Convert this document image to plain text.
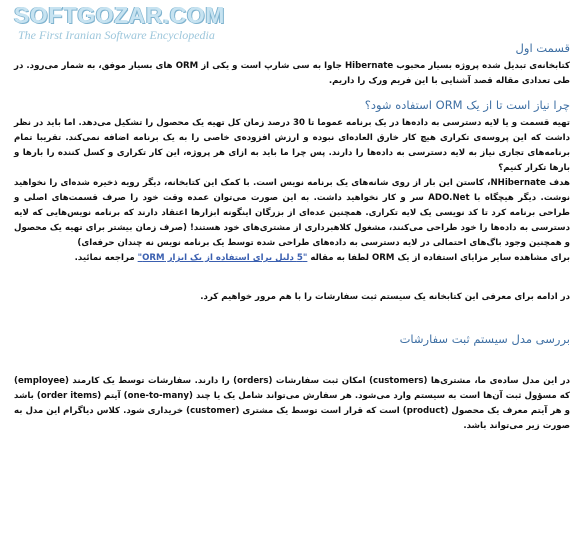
SOFTGOZAR.COM
The First Iranian Software Encyclopedia
قسمت اول

کتابخانه‌ی تبدیل شده پروژه بسیار محبوب Hibernate جاوا به سی شارپ است و یکی از ORM های بسیار موفق، به شمار می‌رود. در طی تعدادی مقاله قصد آشنایی با این فریم ورک را داریم.

چرا نیاز است تا از یک ORM استفاده شود؟

تهیه قسمت و یا لایه دسترسی به داده‌ها در یک برنامه عموما تا 30 درصد زمان کل تهیه یک محصول را تشکیل می‌دهد. اما باید در نظر داشت که این پروسه‌ی تکراری هیچ کار خارق العاده‌ای نبوده و ارزش افزوده‌ی خاصی را به یک برنامه اضافه نمی‌کند. تقریبا تمام برنامه‌های تجاری نیاز به لایه دسترسی به داده‌ها را دارند. پس چرا ما باید به ازای هر پروژه، این کار تکراری و کسل کننده را بارها و بارها تکرار کنیم؟

هدف NHibernate، کاستن این بار از روی شانه‌های یک برنامه نویس است. با کمک این کتابخانه، دیگر رویه ذخیره شده‌ای را نخواهید نوشت. دیگر هیچگاه با ADO.Net سر و کار نخواهید داشت. به این صورت می‌توان عمده وقت خود را صرف قسمت‌های اصلی و طراحی برنامه کرد تا کد نویسی یک لایه تکراری. همچنین عده‌ای از بزرگان اینگونه ابزارها اعتقاد دارند که برنامه نویس‌هایی که لایه دسترسی به داده‌ها را خود طراحی می‌کنند، مشغول کلاهبرداری از مشتری‌های خود هستند! (صرف زمان بیشتر برای تهیه یک محصول و همچنین وجود باگ‌های احتمالی در لایه دسترسی به داده‌های طراحی شده توسط یک برنامه نویس نه چندان حرفه‌ای)

برای مشاهده سایر مزایای استفاده از یک ORM لطفا به مقاله "5 دلیل برای استفاده از یک ابزار ORM" مراجعه نمائید.

در ادامه برای معرفی این کتابخانه یک سیستم ثبت سفارشات را با هم مرور خواهیم کرد.

بررسی مدل سیستم ثبت سفارشات

در این مدل ساده‌ی ما، مشتری‌ها (customers) امکان ثبت سفارشات (orders) را دارند. سفارشات توسط یک کارمند (employee) که مسؤول ثبت آن‌ها است به سیستم وارد می‌شود. هر سفارش می‌تواند شامل یک یا چند (one-to-many) آیتم (order items) باشد و هر آیتم معرف یک محصول (product) است که قرار است توسط یک مشتری (customer) خریداری شود. کلاس دیاگرام این مدل به صورت زیر می‌تواند باشد.
